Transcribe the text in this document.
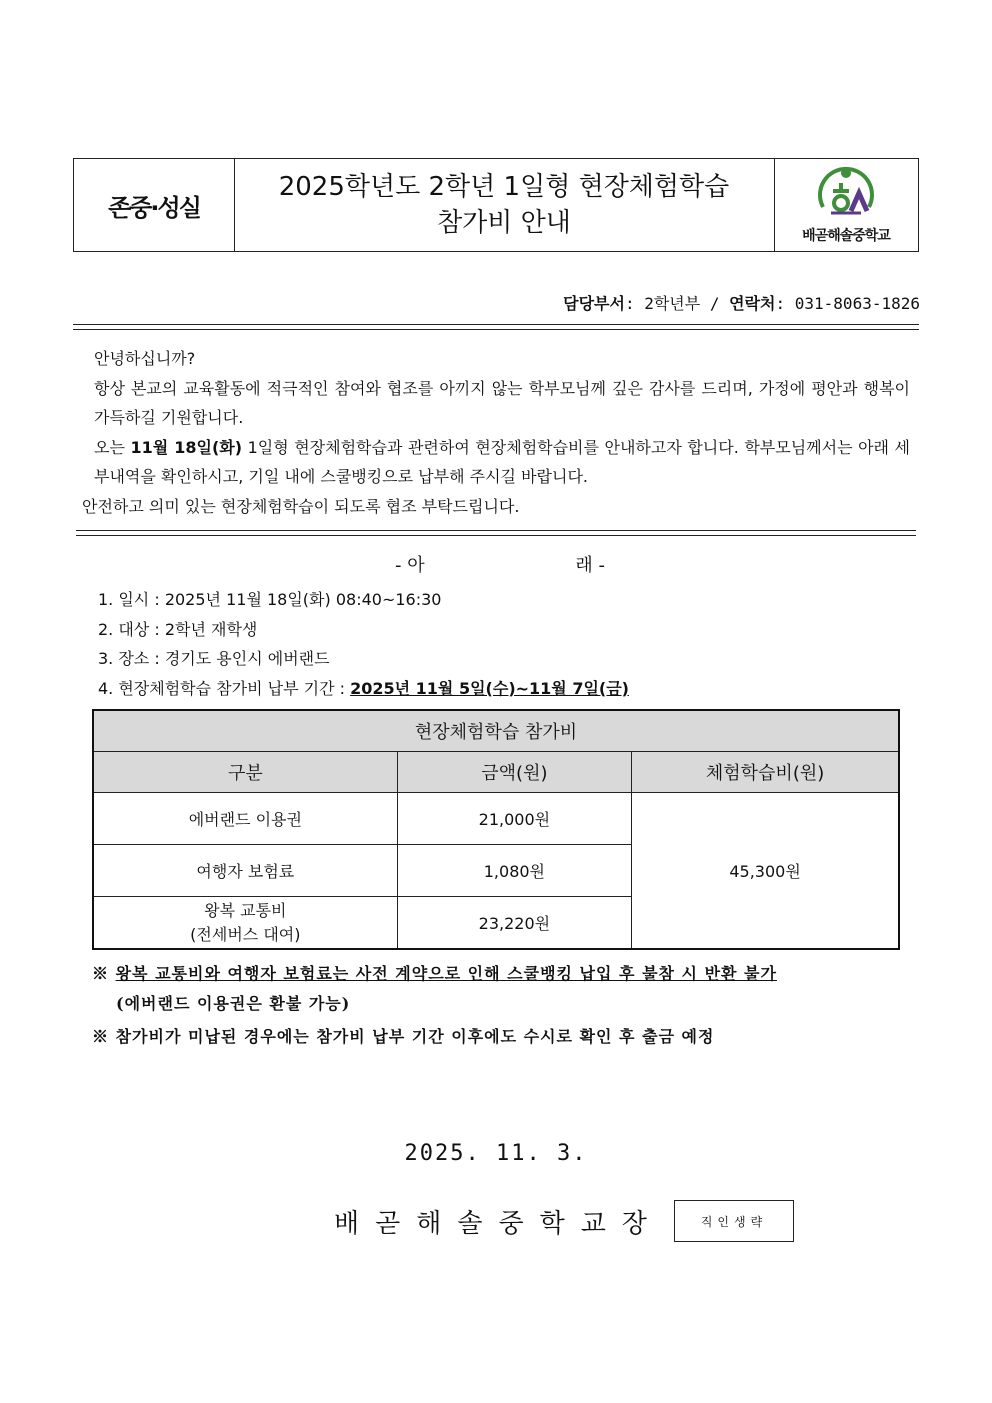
존중·성실
2025학년도 2학년 1일형 현장체험학습
참가비 안내	배곧해솔중학교
담당부서: 2학년부 / 연락처: 031-8063-1826

안녕하십니까?

항상 본교의 교육활동에 적극적인 참여와 협조를 아끼지 않는 학부모님께 깊은 감사를 드리며, 가정에 평안과 행복이 가득하길 기원합니다.

오는 11월 18일(화) 1일형 현장체험학습과 관련하여 현장체험학습비를 안내하고자 합니다. 학부모님께서는 아래 세부내역을 확인하시고, 기일 내에 스쿨뱅킹으로 납부해 주시길 바랍니다.

안전하고 의미 있는 현장체험학습이 되도록 협조 부탁드립니다.

- 아	래 -
1. 일시 : 2025년 11월 18일(화) 08:40~16:30
2. 대상 : 2학년 재학생
3. 장소 : 경기도 용인시 에버랜드
4. 현장체험학습 참가비 납부 기간 : 2025년 11월 5일(수)~11월 7일(금)
현장체험학습 참가비		
구분	금액(원)	체험학습비(원)
에버랜드 이용권	21,000원	45,300원
여행자 보험료	1,080원	

왕복 교통비
(전세버스 대여)	23,220원	
※ 왕복 교통비와 여행자 보험료는 사전 계약으로 인해 스쿨뱅킹 납입 후 불참 시 반환 불가
(에버랜드 이용권은 환불 가능)
※ 참가비가 미납된 경우에는 참가비 납부 기간 이후에도 수시로 확인 후 출금 예정
2025. 11. 3.
배곧해솔중학교장	직인생략
